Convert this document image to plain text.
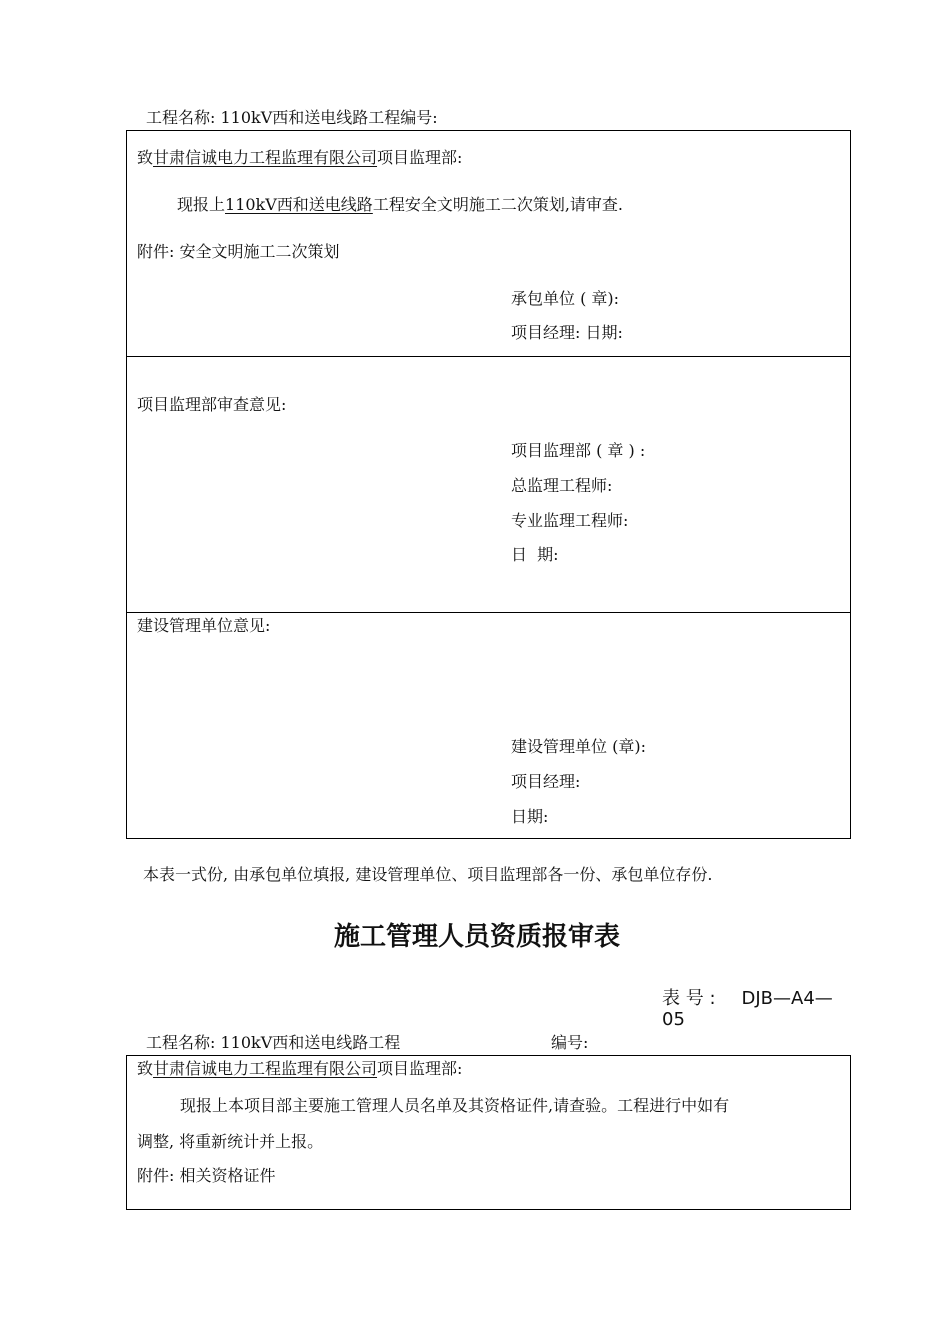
工程名称: 110kV西和送电线路工程编号:
致甘肃信诚电力工程监理有限公司项目监理部:
现报上110kV西和送电线路工程安全文明施工二次策划,请审查.
附件: 安全文明施工二次策划
承包单位 ( 章):
项目经理: 日期:
项目监理部审查意见:
项目监理部 ( 章 ) :
总监理工程师:
专业监理工程师:
日  期:
建设管理单位意见:
建设管理单位 (章):
项目经理:
日期:
本表一式份, 由承包单位填报, 建设管理单位、项目监理部各一份、承包单位存份.
施工管理人员资质报审表
表 号 : DJB—A4—
05
工程名称: 110kV西和送电线路工程	编号:
致甘肃信诚电力工程监理有限公司项目监理部:
现报上本项目部主要施工管理人员名单及其资格证件,请查验。工程进行中如有
调整, 将重新统计并上报。
附件: 相关资格证件
